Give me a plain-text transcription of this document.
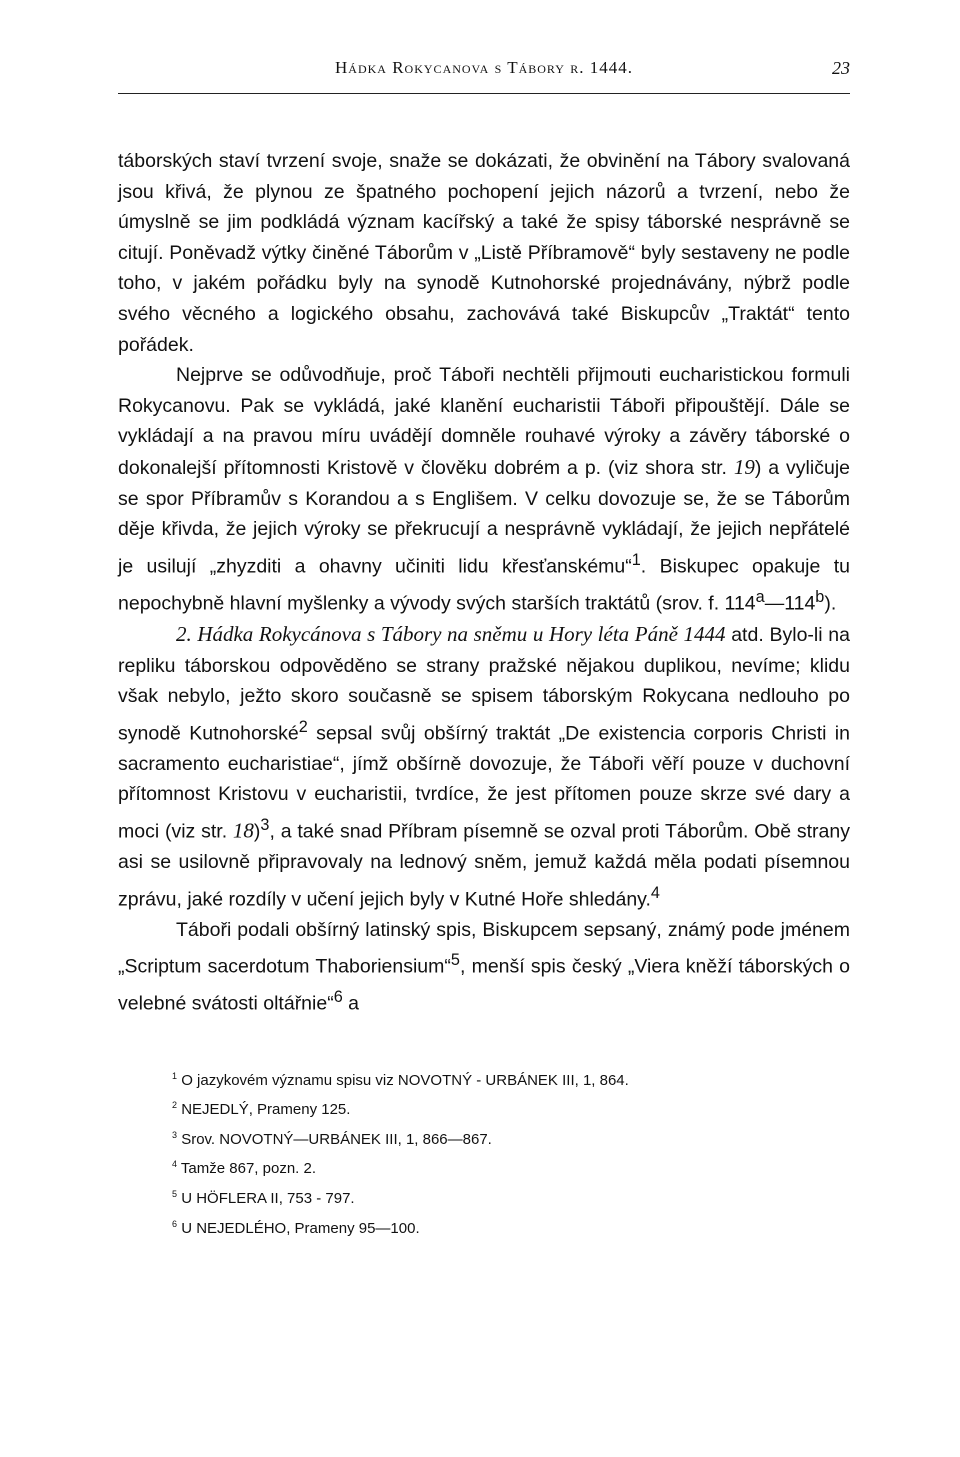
Hádka Rokycanova s Tábory r. 1444.	23

táborských staví tvrzení svoje, snaže se dokázati, že obvinění na Tábory svalovaná jsou křivá, že plynou ze špatného pochopení jejich názorů a tvrzení, nebo že úmyslně se jim podkládá význam kacířský a také že spisy táborské nesprávně se citují. Poněvadž výtky činěné Táborům v „Listě Příbramově“ byly sestaveny ne podle toho, v jakém pořádku byly na synodě Kutnohorské projednávány, nýbrž podle svého věcného a logického obsahu, zachovává také Biskupcův „Traktát“ tento pořádek.

Nejprve se odůvodňuje, proč Táboři nechtěli přijmouti eucharistickou formuli Rokycanovu. Pak se vykládá, jaké klanění eucharistii Táboři připouštějí. Dále se vykládají a na pravou míru uvádějí domněle rouhavé výroky a závěry táborské o dokonalejší přítomnosti Kristově v člověku dobrém a p. (viz shora str. 19) a vyličuje se spor Příbramův s Korandou a s Englišem. V celku dovozuje se, že se Táborům děje křivda, že jejich výroky se překrucují a nesprávně vykládají, že jejich nepřátelé je usilují „zhyzditi a ohavny učiniti lidu křesťanskému“$^1$. Biskupec opakuje tu nepochybně hlavní myšlenky a vývody svých starších traktátů (srov. f. 114$^a$—114$^b$).

2. Hádka Rokycánova s Tábory na sněmu u Hory léta Páně 1444 atd. Bylo-li na repliku táborskou odpověděno se strany pražské nějakou duplikou, nevíme; klidu však nebylo, ježto skoro současně se spisem táborským Rokycana nedlouho po synodě Kutnohorské$^2$ sepsal svůj obšírný traktát „De existencia corporis Christi in sacramento eucharistiae“, jímž obšírně dovozuje, že Táboři věří pouze v duchovní přítomnost Kristovu v eucharistii, tvrdíce, že jest přítomen pouze skrze své dary a moci (viz str. 18)$^3$, a také snad Příbram písemně se ozval proti Táborům. Obě strany asi se usilovně připravovaly na lednový sněm, jemuž každá měla podati písemnou zprávu, jaké rozdíly v učení jejich byly v Kutné Hoře shledány.$^4$

Táboři podali obšírný latinský spis, Biskupcem sepsaný, známý pode jménem „Scriptum sacerdotum Thaboriensium“$^5$, menší spis český „Viera kněží táborských o velebné svátosti oltářnie“$^6$ a

$^1$ O jazykovém významu spisu viz NOVOTNÝ - URBÁNEK III, 1, 864.
$^2$ NEJEDLÝ, Prameny 125.
$^3$ Srov. NOVOTNÝ—URBÁNEK III, 1, 866—867.
$^4$ Tamže 867, pozn. 2.
$^5$ U HÖFLERA II, 753 - 797.
$^6$ U NEJEDLÉHO, Prameny 95—100.
